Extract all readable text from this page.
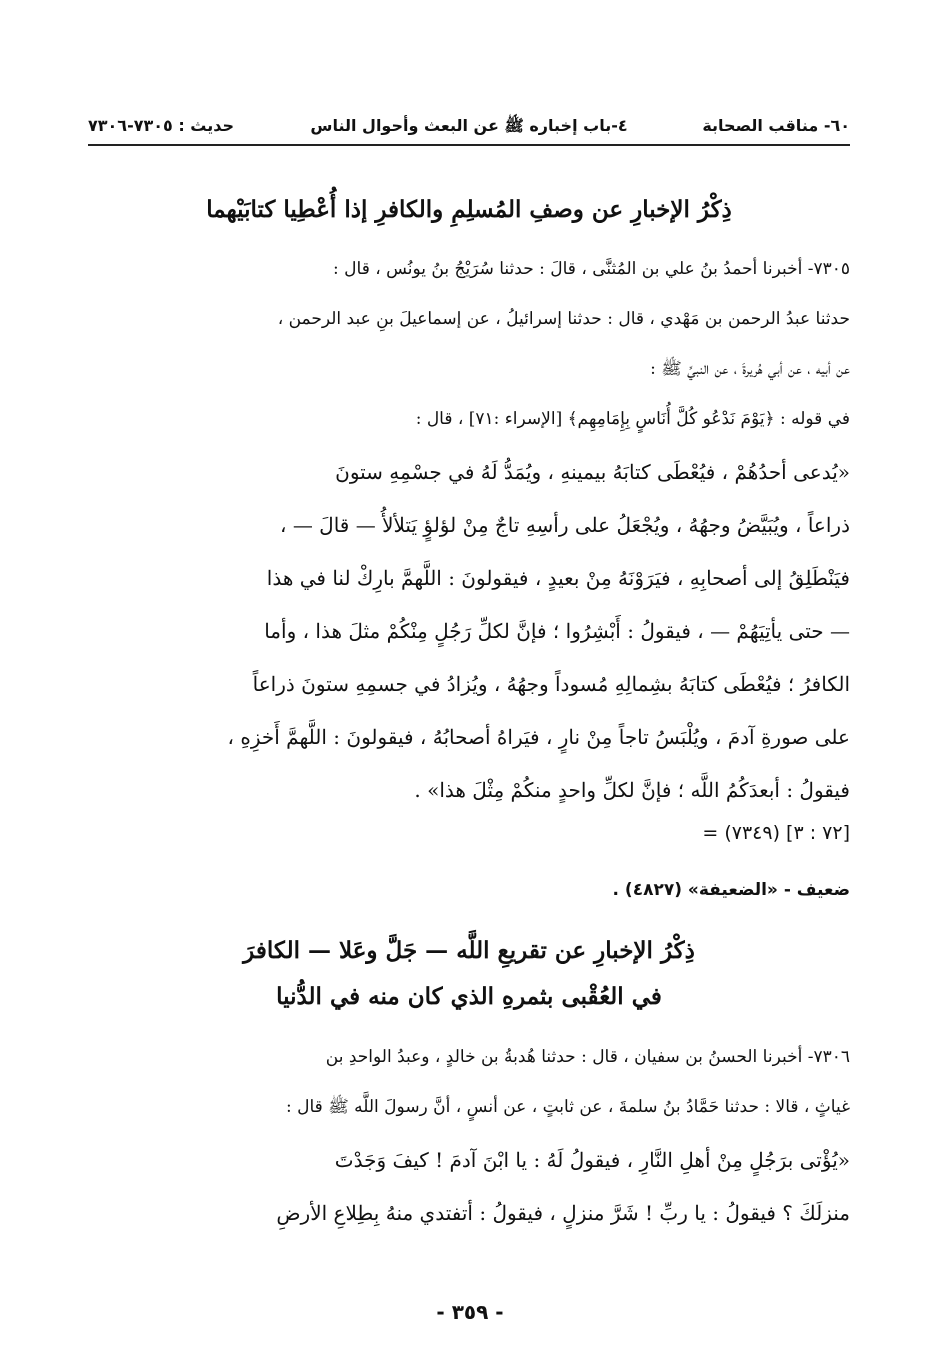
٦٠- مناقب الصحابة
٤-باب إخباره ﷺ عن البعث وأحوال الناس
حديث : ٧٣٠٥-٧٣٠٦
ذِكْرُ الإخبارِ عن وصفِ المُسلِمِ والكافرِ إذا أُعْطِيا كتابَيْهما

٧٣٠٥- أخبرنا أحمدُ بنُ علي بن المُثنَّى ، قالَ : حدثنا سُرَيْجُ بنُ يونُس ، قال :

حدثنا عبدُ الرحمن بن مَهْدي ، قال : حدثنا إسرائيلُ ، عن إسماعيلَ بنِ عبد الرحمن ،

عن أبيه ، عن أبي هُريرةَ ، عن النبيِّ ﷺ :

في قوله : ﴿يَوْمَ نَدْعُو كُلَّ أُنَاسٍ بِإِمَامِهِم﴾ [الإسراء :٧١] ، قال :

«يُدعى أحدُهُمْ ، فيُعْطَى كتابَهُ بيمينهِ ، ويُمَدُّ لَهُ في جسْمِهِ ستونَ

ذراعاً ، ويُبَيَّضُ وجهُهُ ، ويُجْعَلُ على رأسِهِ تاجٌ مِنْ لؤلؤٍ يَتلألأُ — قالَ — ،

فيَنْطَلِقُ إلى أصحابِهِ ، فيَرَوْنَهُ مِنْ بعيدٍ ، فيقولونَ : اللَّهمَّ بارِكْ لنا في هذا

— حتى يأتِيَهُمْ — ، فيقولُ : أَبْشِرُوا ؛ فإنَّ لكلِّ رَجُلٍ مِنْكُمْ مثلَ هذا ، وأما

الكافرُ ؛ فيُعْطَى كتابَهُ بشِمالِهِ مُسوداً وجهُهُ ، ويُزادُ في جسمِهِ ستونَ ذراعاً

على صورةِ آدمَ ، ويُلْبَسُ تاجاً مِنْ نارٍ ، فيَراهُ أصحابُهُ ، فيقولونَ : اللَّهمَّ أَخزِهِ ،

فيقولُ : أبعدَكُمُ اللَّه ؛ فإنَّ لكلِّ واحدٍ منكُمْ مِثْلَ هذا» .

= (٧٣٤٩) [٧٢ : ٣]
ضعيف - «الضعيفة» (٤٨٢٧) .
ذِكْرُ الإخبارِ عن تقريعِ اللَّه — جَلَّ وعَلا — الكافرَ
في العُقْبى بثمرهِ الذي كان منه في الدُّنيا

٧٣٠٦- أخبرنا الحسنُ بن سفيان ، قال : حدثنا هُدبةُ بن خالدٍ ، وعبدُ الواحدِ بن

غياثٍ ، قالا : حدثنا حَمَّادُ بنُ سلمةَ ، عن ثابتٍ ، عن أنسٍ ، أنَّ رسولَ اللَّه ﷺ قال :

«يُؤْتى برَجُلٍ مِنْ أهلِ النَّارِ ، فيقولُ لَهُ : يا ابْنَ آدمَ ! كيفَ وَجَدْتَ

منزلَكَ ؟ فيقولُ : يا ربِّ ! شَرَّ منزلٍ ، فيقولُ : أتفتدي منهُ بِطِلاعِ الأرضِ

- ٣٥٩ -
